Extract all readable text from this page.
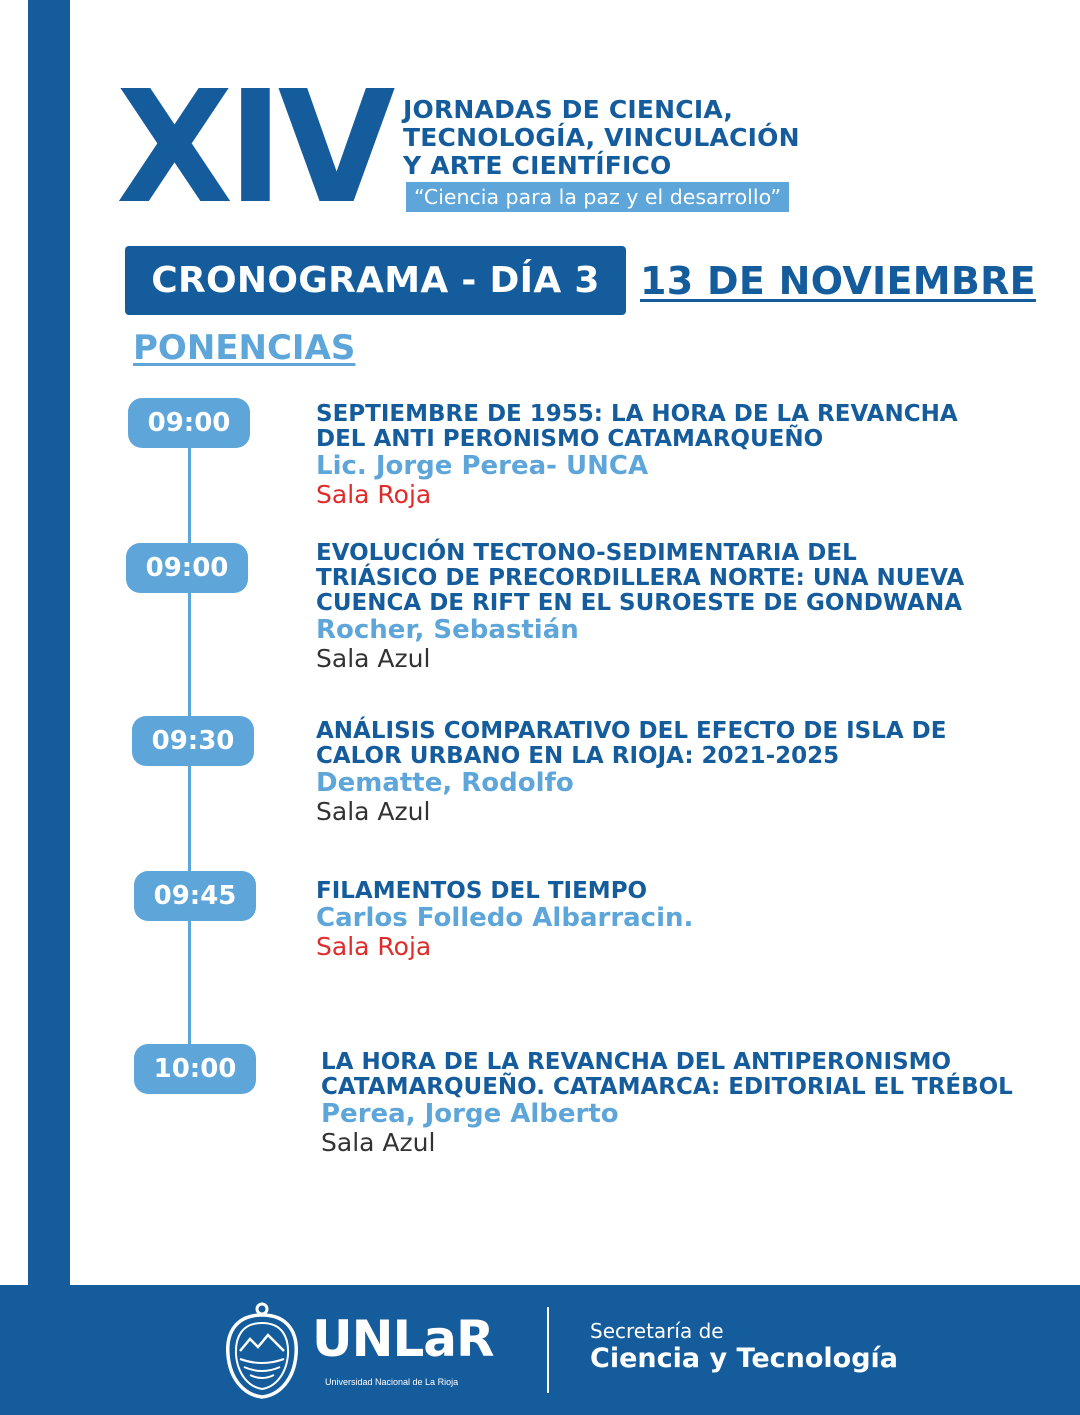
XIV JORNADAS DE CIENCIA,
TECNOLOGÍA, VINCULACIÓN
Y ARTE CIENTÍFICO
“Ciencia para la paz y el desarrollo”
CRONOGRAMA - DÍA 3 13 DE NOVIEMBRE
PONENCIAS
09:00	SEPTIEMBRE DE 1955: LA HORA DE LA REVANCHA
DEL ANTI PERONISMO CATAMARQUEÑO
Lic. Jorge Perea- UNCA
Sala Roja
09:00	EVOLUCIÓN TECTONO-SEDIMENTARIA DEL
TRIÁSICO DE PRECORDILLERA NORTE: UNA NUEVA
CUENCA DE RIFT EN EL SUROESTE DE GONDWANA
Rocher, Sebastián
Sala Azul
09:30	ANÁLISIS COMPARATIVO DEL EFECTO DE ISLA DE
CALOR URBANO EN LA RIOJA: 2021-2025
Dematte, Rodolfo
Sala Azul
09:45	FILAMENTOS DEL TIEMPO
Carlos Folledo Albarracin.
Sala Roja
10:00	LA HORA DE LA REVANCHA DEL ANTIPERONISMO
CATAMARQUEÑO. CATAMARCA: EDITORIAL EL TRÉBOL
Perea, Jorge Alberto
Sala Azul
UNLaR
Universidad Nacional de La Rioja
Secretaría de
Ciencia y Tecnología
